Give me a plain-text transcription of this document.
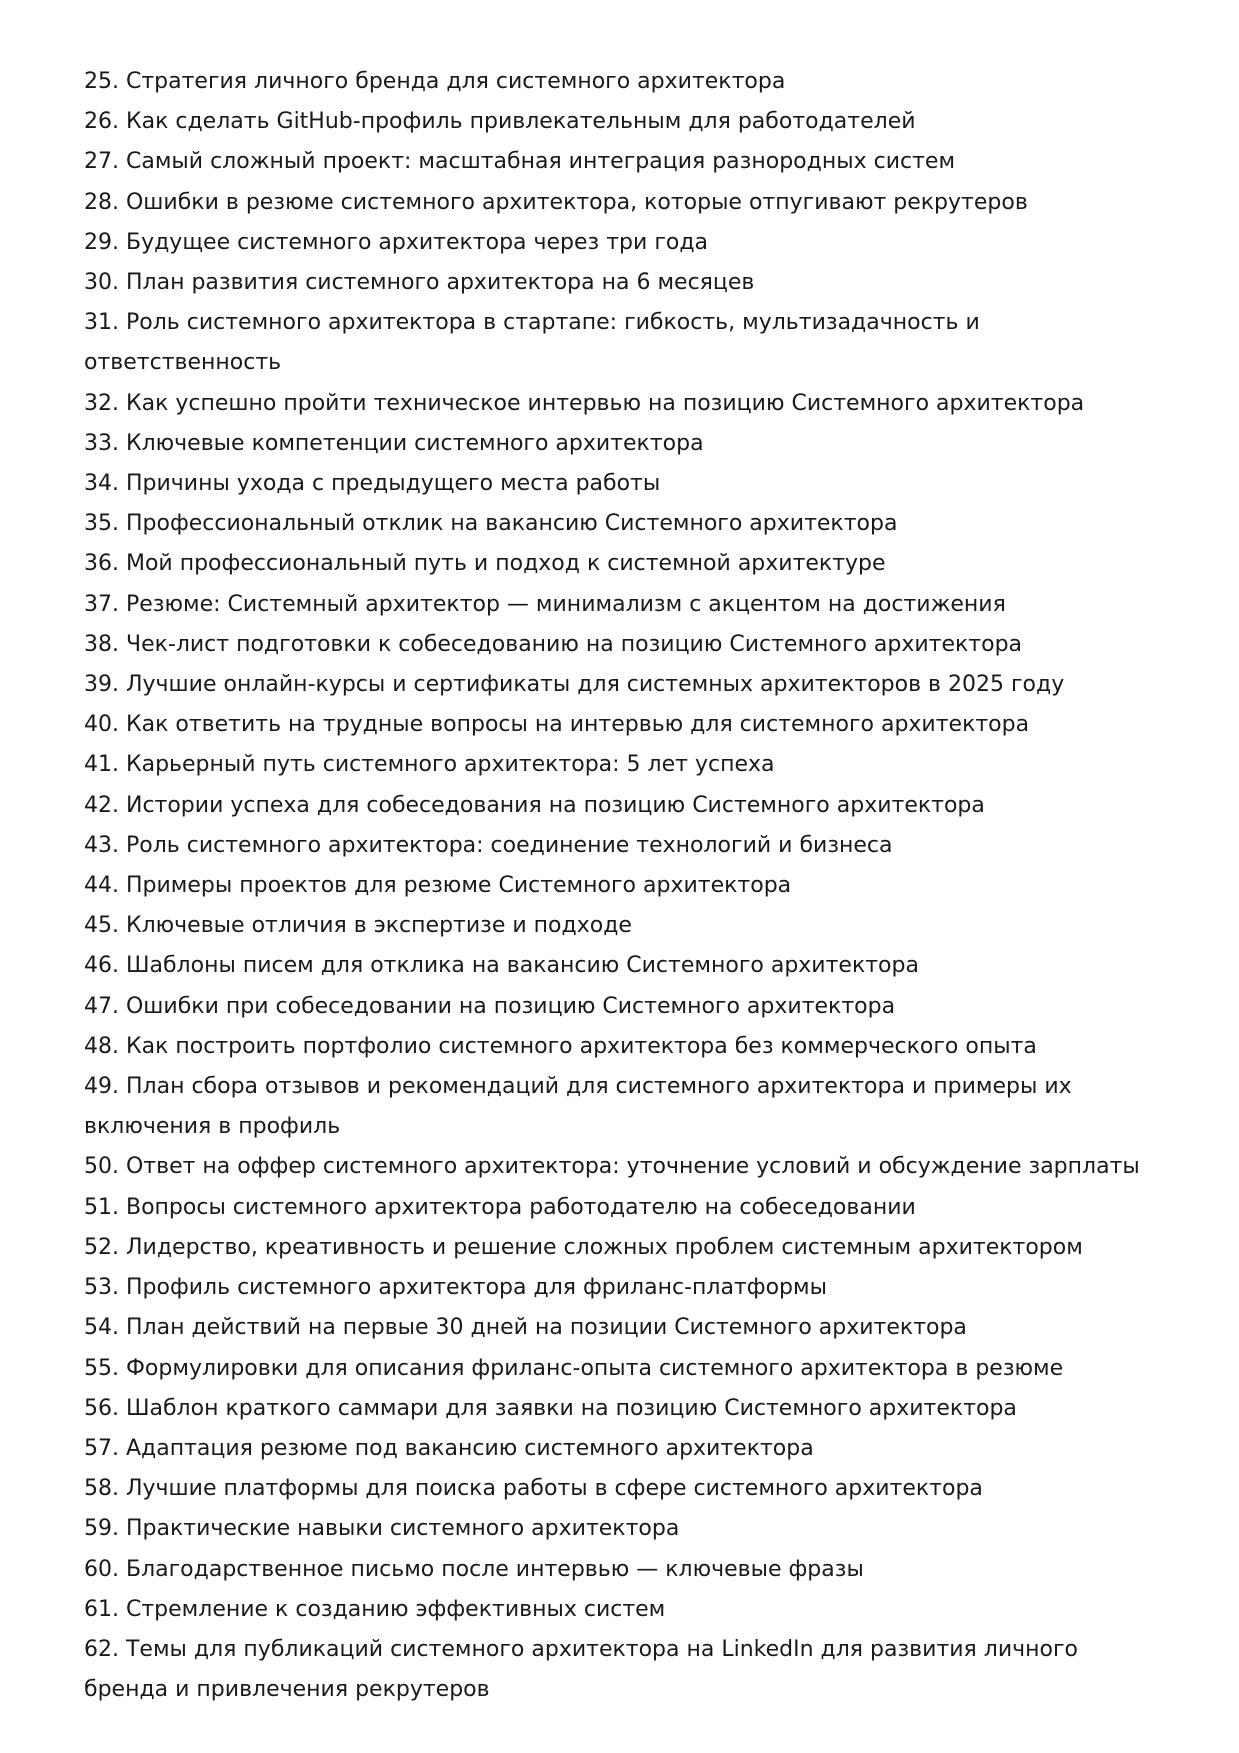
25. Стратегия личного бренда для системного архитектора
26. Как сделать GitHub-профиль привлекательным для работодателей
27. Самый сложный проект: масштабная интеграция разнородных систем
28. Ошибки в резюме системного архитектора, которые отпугивают рекрутеров
29. Будущее системного архитектора через три года
30. План развития системного архитектора на 6 месяцев
31. Роль системного архитектора в стартапе: гибкость, мультизадачность и ответственность
32. Как успешно пройти техническое интервью на позицию Системного архитектора
33. Ключевые компетенции системного архитектора
34. Причины ухода с предыдущего места работы
35. Профессиональный отклик на вакансию Системного архитектора
36. Мой профессиональный путь и подход к системной архитектуре
37. Резюме: Системный архитектор — минимализм с акцентом на достижения
38. Чек-лист подготовки к собеседованию на позицию Системного архитектора
39. Лучшие онлайн-курсы и сертификаты для системных архитекторов в 2025 году
40. Как ответить на трудные вопросы на интервью для системного архитектора
41. Карьерный путь системного архитектора: 5 лет успеха
42. Истории успеха для собеседования на позицию Системного архитектора
43. Роль системного архитектора: соединение технологий и бизнеса
44. Примеры проектов для резюме Системного архитектора
45. Ключевые отличия в экспертизе и подходе
46. Шаблоны писем для отклика на вакансию Системного архитектора
47. Ошибки при собеседовании на позицию Системного архитектора
48. Как построить портфолио системного архитектора без коммерческого опыта
49. План сбора отзывов и рекомендаций для системного архитектора и примеры их включения в профиль
50. Ответ на оффер системного архитектора: уточнение условий и обсуждение зарплаты
51. Вопросы системного архитектора работодателю на собеседовании
52. Лидерство, креативность и решение сложных проблем системным архитектором
53. Профиль системного архитектора для фриланс-платформы
54. План действий на первые 30 дней на позиции Системного архитектора
55. Формулировки для описания фриланс-опыта системного архитектора в резюме
56. Шаблон краткого саммари для заявки на позицию Системного архитектора
57. Адаптация резюме под вакансию системного архитектора
58. Лучшие платформы для поиска работы в сфере системного архитектора
59. Практические навыки системного архитектора
60. Благодарственное письмо после интервью — ключевые фразы
61. Стремление к созданию эффективных систем
62. Темы для публикаций системного архитектора на LinkedIn для развития личного бренда и привлечения рекрутеров
